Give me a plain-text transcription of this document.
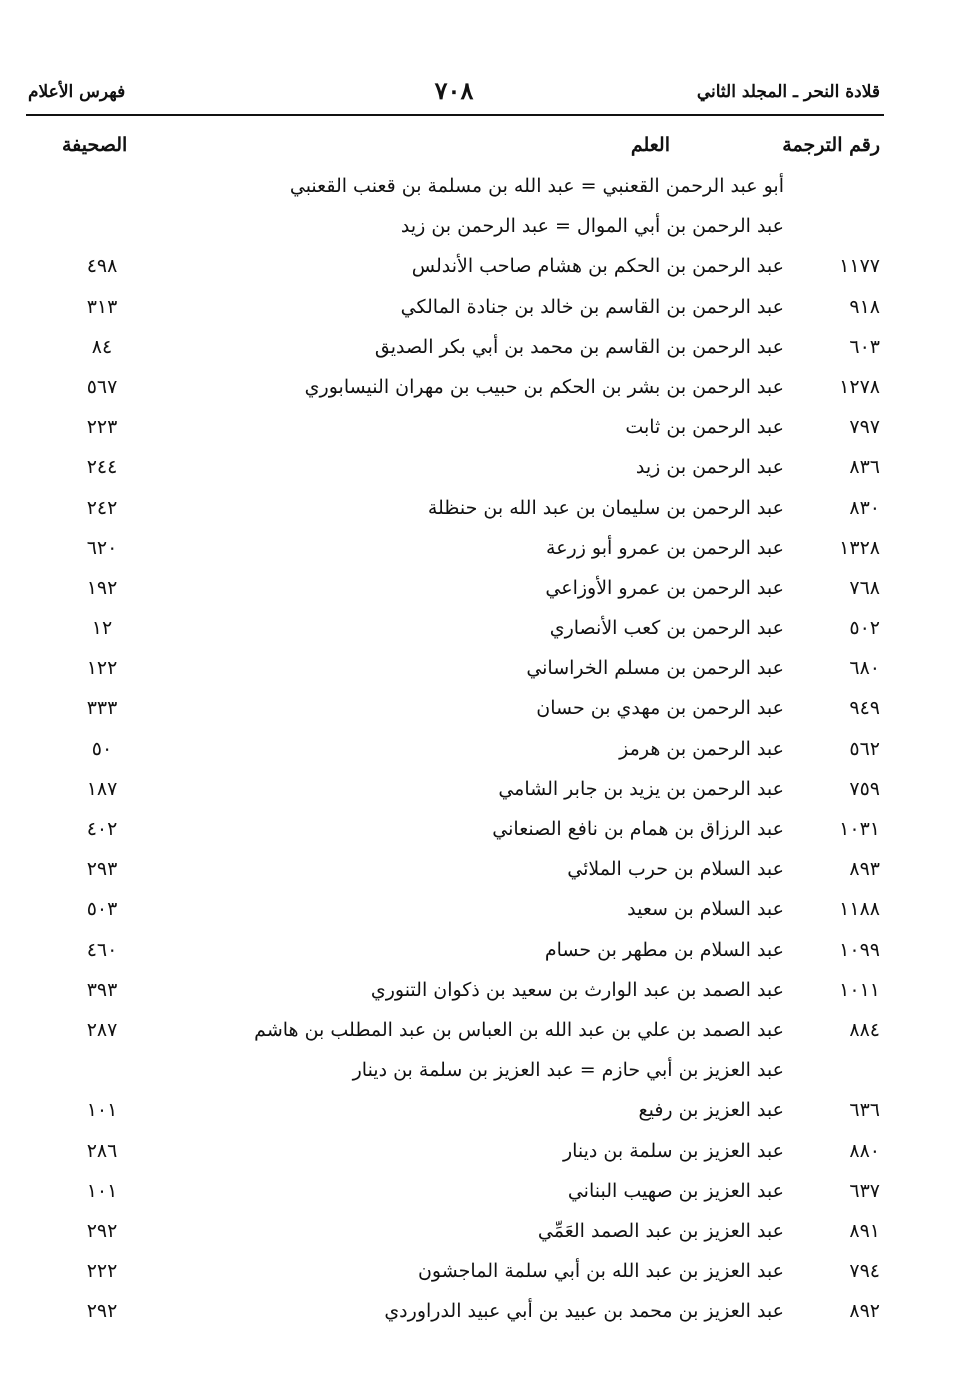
قلادة النحر ـ المجلد الثاني
٧٠٨
فهرس الأعلام
رقم الترجمة
العلم
الصحيفة
أبو عبد الرحمن القعنبي = عبد الله بن مسلمة بن قعنب القعنبي
عبد الرحمن بن أبي الموال = عبد الرحمن بن زيد
١١٧٧
عبد الرحمن بن الحكم بن هشام صاحب الأندلس
٤٩٨
٩١٨
عبد الرحمن بن القاسم بن خالد بن جنادة المالكي
٣١٣
٦٠٣
عبد الرحمن بن القاسم بن محمد بن أبي بكر الصديق
٨٤
١٢٧٨
عبد الرحمن بن بشر بن الحكم بن حبيب بن مهران النيسابوري
٥٦٧
٧٩٧
عبد الرحمن بن ثابت
٢٢٣
٨٣٦
عبد الرحمن بن زيد
٢٤٤
٨٣٠
عبد الرحمن بن سليمان بن عبد الله بن حنظلة
٢٤٢
١٣٢٨
عبد الرحمن بن عمرو أبو زرعة
٦٢٠
٧٦٨
عبد الرحمن بن عمرو الأوزاعي
١٩٢
٥٠٢
عبد الرحمن بن كعب الأنصاري
١٢
٦٨٠
عبد الرحمن بن مسلم الخراساني
١٢٢
٩٤٩
عبد الرحمن بن مهدي بن حسان
٣٣٣
٥٦٢
عبد الرحمن بن هرمز
٥٠
٧٥٩
عبد الرحمن بن يزيد بن جابر الشامي
١٨٧
١٠٣١
عبد الرزاق بن همام بن نافع الصنعاني
٤٠٢
٨٩٣
عبد السلام بن حرب الملائي
٢٩٣
١١٨٨
عبد السلام بن سعيد
٥٠٣
١٠٩٩
عبد السلام بن مطهر بن حسام
٤٦٠
١٠١١
عبد الصمد بن عبد الوارث بن سعيد بن ذكوان التنوري
٣٩٣
٨٨٤
عبد الصمد بن علي بن عبد الله بن العباس بن عبد المطلب بن هاشم
٢٨٧
عبد العزيز بن أبي حازم = عبد العزيز بن سلمة بن دينار
٦٣٦
عبد العزيز بن رفيع
١٠١
٨٨٠
عبد العزيز بن سلمة بن دينار
٢٨٦
٦٣٧
عبد العزيز بن صهيب البناني
١٠١
٨٩١
عبد العزيز بن عبد الصمد العَمِّي
٢٩٢
٧٩٤
عبد العزيز بن عبد الله بن أبي سلمة الماجشون
٢٢٢
٨٩٢
عبد العزيز بن محمد بن عبيد بن أبي عبيد الدراوردي
٢٩٢
